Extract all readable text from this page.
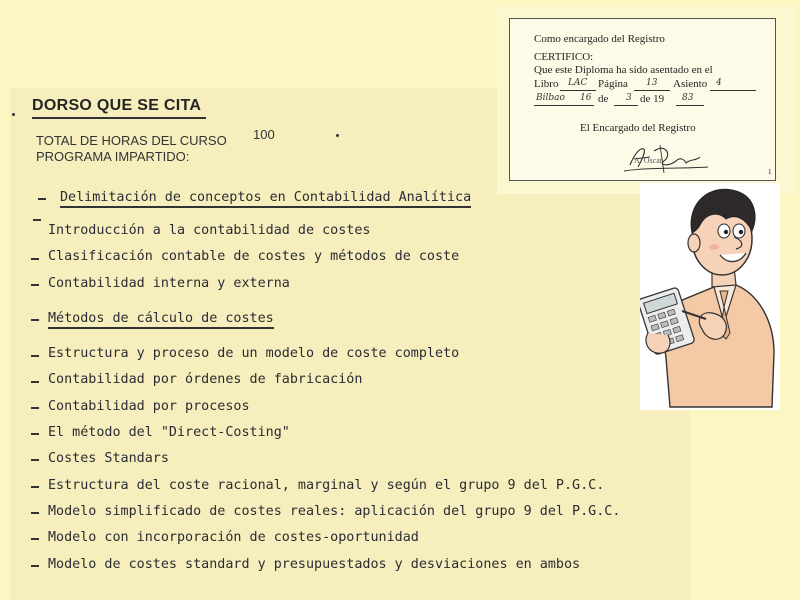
DORSO QUE SE CITA
TOTAL DE HORAS DEL CURSO 100
PROGRAMA IMPARTIDO:
Delimitación de conceptos en Contabilidad Analítica
Introducción a la contabilidad de costes
Clasificación contable de costes y métodos de coste
Contabilidad interna y externa
Métodos de cálculo de costes
Estructura y proceso de un modelo de coste completo
Contabilidad por órdenes de fabricación
Contabilidad por procesos
El método del "Direct-Costing"
Costes Standars
Estructura del coste racional, marginal y según el grupo 9 del P.G.C.
Modelo simplificado de costes reales: aplicación del grupo 9 del P.G.C.
Modelo con incorporación de costes-oportunidad
Modelo de costes standard y presupuestados y desviaciones en ambos
Como encargado del Registro
CERTIFICO:
Que este Diploma ha sido asentado en el
Libro LAC Página 13 Asiento 4
Bilbao 16 de 3 de 19 83
El Encargado del Registro
A. Oscar
1
